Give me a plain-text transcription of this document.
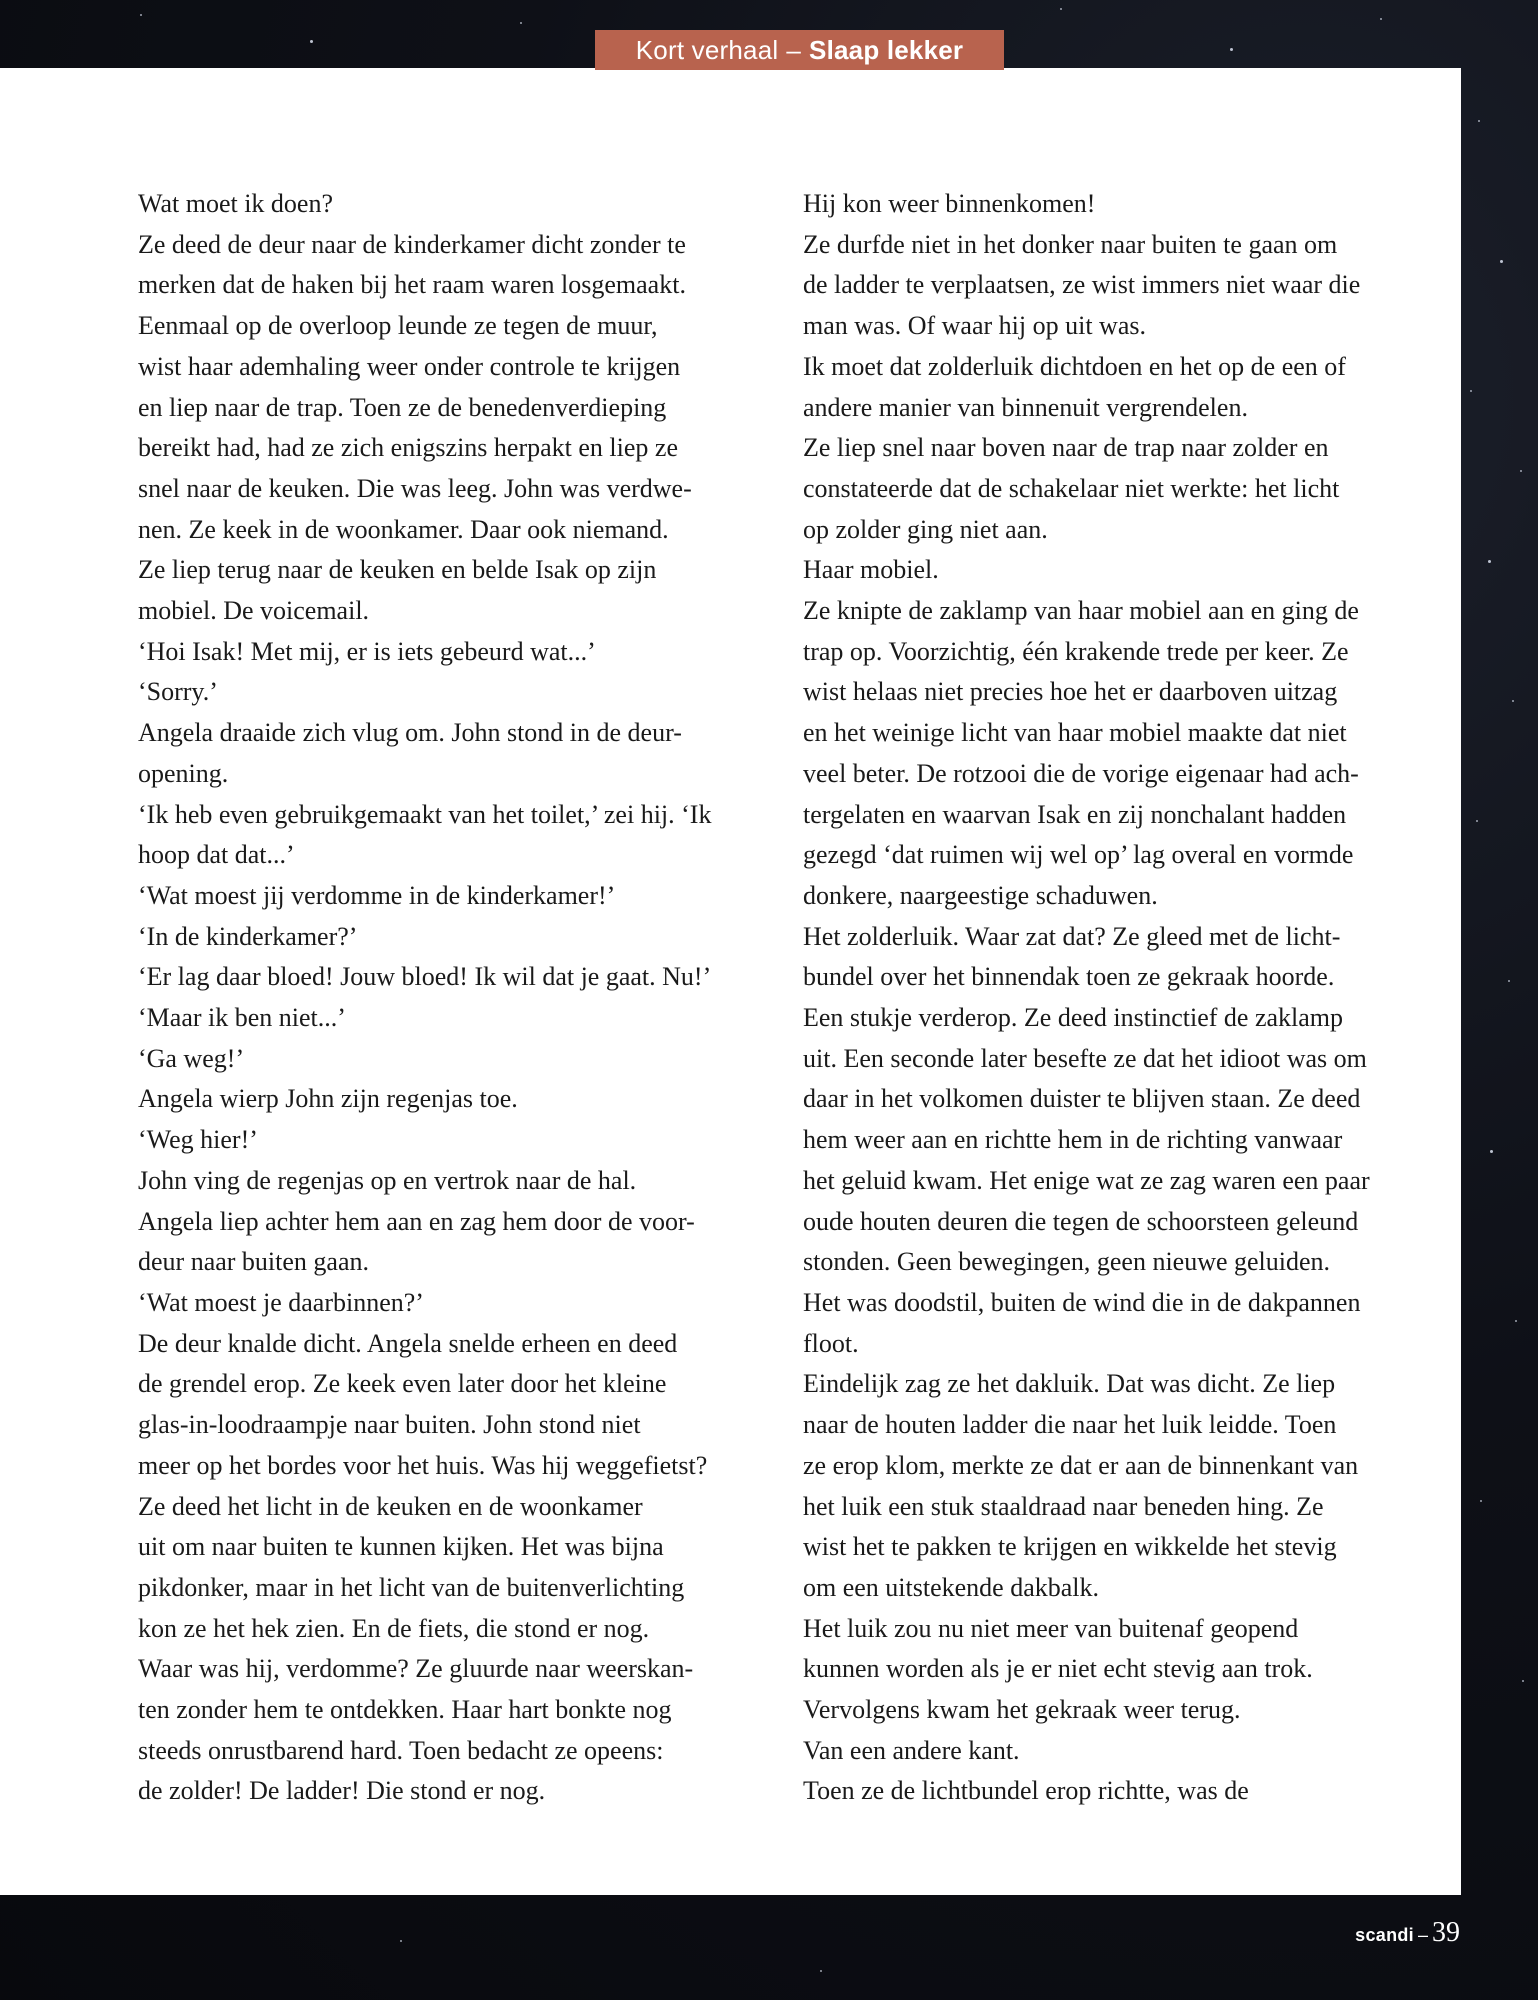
Kort verhaal – Slaap lekker

Wat moet ik doen?

Ze deed de deur naar de kinderkamer dicht zonder te

merken dat de haken bij het raam waren losgemaakt.

Eenmaal op de overloop leunde ze tegen de muur,

wist haar ademhaling weer onder controle te krijgen

en liep naar de trap. Toen ze de benedenverdieping

bereikt had, had ze zich enigszins herpakt en liep ze

snel naar de keuken. Die was leeg. John was verdwe-

nen. Ze keek in de woonkamer. Daar ook niemand.

Ze liep terug naar de keuken en belde Isak op zijn

mobiel. De voicemail.

‘Hoi Isak! Met mij, er is iets gebeurd wat...’

‘Sorry.’

Angela draaide zich vlug om. John stond in de deur-

opening.

‘Ik heb even gebruikgemaakt van het toilet,’ zei hij. ‘Ik

hoop dat dat...’

‘Wat moest jij verdomme in de kinderkamer!’

‘In de kinderkamer?’

‘Er lag daar bloed! Jouw bloed! Ik wil dat je gaat. Nu!’

‘Maar ik ben niet...’

‘Ga weg!’

Angela wierp John zijn regenjas toe.

‘Weg hier!’

John ving de regenjas op en vertrok naar de hal.

Angela liep achter hem aan en zag hem door de voor-

deur naar buiten gaan.

‘Wat moest je daarbinnen?’

De deur knalde dicht. Angela snelde erheen en deed

de grendel erop. Ze keek even later door het kleine

glas-in-loodraampje naar buiten. John stond niet

meer op het bordes voor het huis. Was hij weggefietst?

Ze deed het licht in de keuken en de woonkamer

uit om naar buiten te kunnen kijken. Het was bijna

pikdonker, maar in het licht van de buitenverlichting

kon ze het hek zien. En de fiets, die stond er nog.

Waar was hij, verdomme? Ze gluurde naar weerskan-

ten zonder hem te ontdekken. Haar hart bonkte nog

steeds onrustbarend hard. Toen bedacht ze opeens:

de zolder! De ladder! Die stond er nog.

Hij kon weer binnenkomen!

Ze durfde niet in het donker naar buiten te gaan om

de ladder te verplaatsen, ze wist immers niet waar die

man was. Of waar hij op uit was.

Ik moet dat zolderluik dichtdoen en het op de een of

andere manier van binnenuit vergrendelen.

Ze liep snel naar boven naar de trap naar zolder en

constateerde dat de schakelaar niet werkte: het licht

op zolder ging niet aan.

Haar mobiel.

Ze knipte de zaklamp van haar mobiel aan en ging de

trap op. Voorzichtig, één krakende trede per keer. Ze

wist helaas niet precies hoe het er daarboven uitzag

en het weinige licht van haar mobiel maakte dat niet

veel beter. De rotzooi die de vorige eigenaar had ach-

tergelaten en waarvan Isak en zij nonchalant hadden

gezegd ‘dat ruimen wij wel op’ lag overal en vormde

donkere, naargeestige schaduwen.

Het zolderluik. Waar zat dat? Ze gleed met de licht-

bundel over het binnendak toen ze gekraak hoorde.

Een stukje verderop. Ze deed instinctief de zaklamp

uit. Een seconde later besefte ze dat het idioot was om

daar in het volkomen duister te blijven staan. Ze deed

hem weer aan en richtte hem in de richting vanwaar

het geluid kwam. Het enige wat ze zag waren een paar

oude houten deuren die tegen de schoorsteen geleund

stonden. Geen bewegingen, geen nieuwe geluiden.

Het was doodstil, buiten de wind die in de dakpannen

floot.

Eindelijk zag ze het dakluik. Dat was dicht. Ze liep

naar de houten ladder die naar het luik leidde. Toen

ze erop klom, merkte ze dat er aan de binnenkant van

het luik een stuk staaldraad naar beneden hing. Ze

wist het te pakken te krijgen en wikkelde het stevig

om een uitstekende dakbalk.

Het luik zou nu niet meer van buitenaf geopend

kunnen worden als je er niet echt stevig aan trok.

Vervolgens kwam het gekraak weer terug.

Van een andere kant.

Toen ze de lichtbundel erop richtte, was de

scandi – 39
